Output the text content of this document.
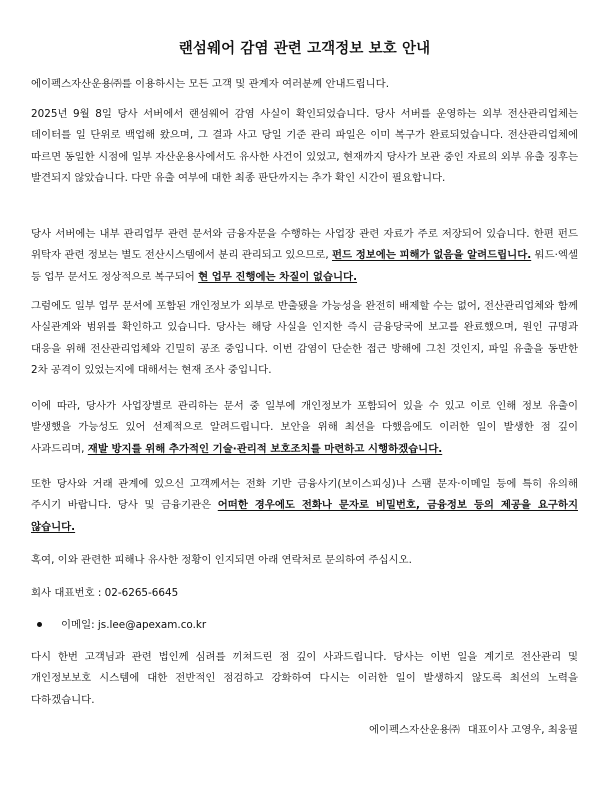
랜섬웨어 감염 관련 고객정보 보호 안내

에이펙스자산운용㈜를 이용하시는 모든 고객 및 관계자 여러분께 안내드립니다.

2025년 9월 8일 당사 서버에서 랜섬웨어 감염 사실이 확인되었습니다. 당사 서버를 운영하는 외부 전산관리업체는 데이터를 일 단위로 백업해 왔으며, 그 결과 사고 당일 기준 관리 파일은 이미 복구가 완료되었습니다. 전산관리업체에 따르면 동일한 시점에 일부 자산운용사에서도 유사한 사건이 있었고, 현재까지 당사가 보관 중인 자료의 외부 유출 징후는 발견되지 않았습니다. 다만 유출 여부에 대한 최종 판단까지는 추가 확인 시간이 필요합니다.

당사 서버에는 내부 관리업무 관련 문서와 금융자문을 수행하는 사업장 관련 자료가 주로 저장되어 있습니다. 한편 펀드 위탁자 관련 정보는 별도 전산시스템에서 분리 관리되고 있으므로, 펀드 정보에는 피해가 없음을 알려드립니다. 워드·엑셀 등 업무 문서도 정상적으로 복구되어 현 업무 진행에는 차질이 없습니다.

그럼에도 일부 업무 문서에 포함된 개인정보가 외부로 반출됐을 가능성을 완전히 배제할 수는 없어, 전산관리업체와 함께 사실관계와 범위를 확인하고 있습니다. 당사는 해당 사실을 인지한 즉시 금융당국에 보고를 완료했으며, 원인 규명과 대응을 위해 전산관리업체와 긴밀히 공조 중입니다. 이번 감염이 단순한 접근 방해에 그친 것인지, 파일 유출을 동반한 2차 공격이 있었는지에 대해서는 현재 조사 중입니다.

이에 따라, 당사가 사업장별로 관리하는 문서 중 일부에 개인정보가 포함되어 있을 수 있고 이로 인해 정보 유출이 발생했을 가능성도 있어 선제적으로 알려드립니다. 보안을 위해 최선을 다했음에도 이러한 일이 발생한 점 깊이 사과드리며, 재발 방지를 위해 추가적인 기술·관리적 보호조치를 마련하고 시행하겠습니다.

또한 당사와 거래 관계에 있으신 고객께서는 전화 기반 금융사기(보이스피싱)나 스팸 문자·이메일 등에 특히 유의해 주시기 바랍니다. 당사 및 금융기관은 어떠한 경우에도 전화나 문자로 비밀번호, 금융정보 등의 제공을 요구하지 않습니다.

혹여, 이와 관련한 피해나 유사한 정황이 인지되면 아래 연락처로 문의하여 주십시오.

회사 대표번호 : 02-6265-6645

이메일: js.lee@apexam.co.kr

다시 한번 고객님과 관련 법인께 심려를 끼쳐드린 점 깊이 사과드립니다. 당사는 이번 일을 계기로 전산관리 및 개인정보보호 시스템에 대한 전반적인 점검하고 강화하여 다시는 이러한 일이 발생하지 않도록 최선의 노력을 다하겠습니다.

에이펙스자산운용㈜ 대표이사 고영우, 최웅필
